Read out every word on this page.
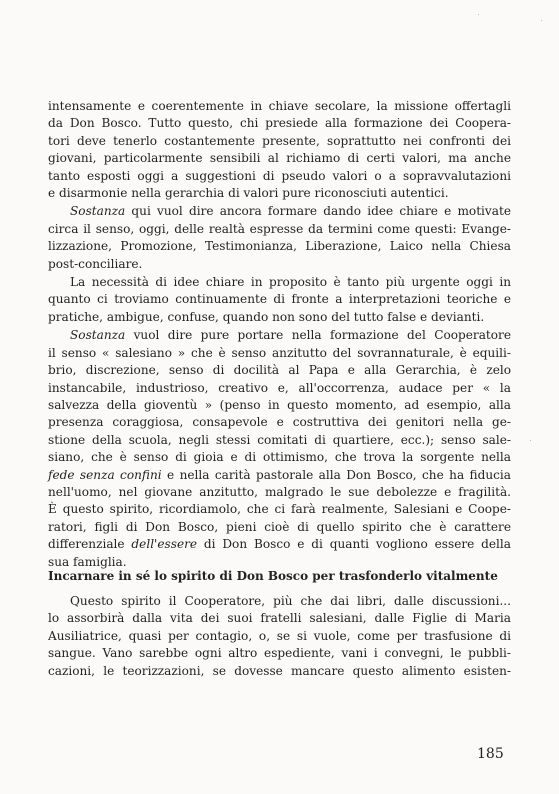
intensamente e coerentemente in chiave secolare, la missione offertagli
da Don Bosco. Tutto questo, chi presiede alla formazione dei Coopera-
tori deve tenerlo costantemente presente, soprattutto nei confronti dei
giovani, particolarmente sensibili al richiamo di certi valori, ma anche
tanto esposti oggi a suggestioni di pseudo valori o a sopravvalutazioni
e disarmonie nella gerarchia di valori pure riconosciuti autentici.

Sostanza qui vuol dire ancora formare dando idee chiare e motivate
circa il senso, oggi, delle realtà espresse da termini come questi: Evange-
lizzazione, Promozione, Testimonianza, Liberazione, Laico nella Chiesa
post-conciliare.

La necessità di idee chiare in proposito è tanto più urgente oggi in
quanto ci troviamo continuamente di fronte a interpretazioni teoriche e
pratiche, ambigue, confuse, quando non sono del tutto false e devianti.

Sostanza vuol dire pure portare nella formazione del Cooperatore
il senso « salesiano » che è senso anzitutto del sovrannaturale, è equili-
brio, discrezione, senso di docilità al Papa e alla Gerarchia, è zelo
instancabile, industrioso, creativo e, all'occorrenza, audace per « la
salvezza della gioventù » (penso in questo momento, ad esempio, alla
presenza coraggiosa, consapevole e costruttiva dei genitori nella ge-
stione della scuola, negli stessi comitati di quartiere, ecc.); senso sale-
siano, che è senso di gioia e di ottimismo, che trova la sorgente nella
fede senza confini e nella carità pastorale alla Don Bosco, che ha fiducia
nell'uomo, nel giovane anzitutto, malgrado le sue debolezze e fragilità.
È questo spirito, ricordiamolo, che ci farà realmente, Salesiani e Coope-
ratori, figli di Don Bosco, pieni cioè di quello spirito che è carattere
differenziale dell'essere di Don Bosco e di quanti vogliono essere della
sua famiglia.

Incarnare in sé lo spirito di Don Bosco per trasfonderlo vitalmente

Questo spirito il Cooperatore, più che dai libri, dalle discussioni...
lo assorbirà dalla vita dei suoi fratelli salesiani, dalle Figlie di Maria
Ausiliatrice, quasi per contagio, o, se si vuole, come per trasfusione di
sangue. Vano sarebbe ogni altro espediente, vani i convegni, le pubbli-
cazioni, le teorizzazioni, se dovesse mancare questo alimento esisten-

185
